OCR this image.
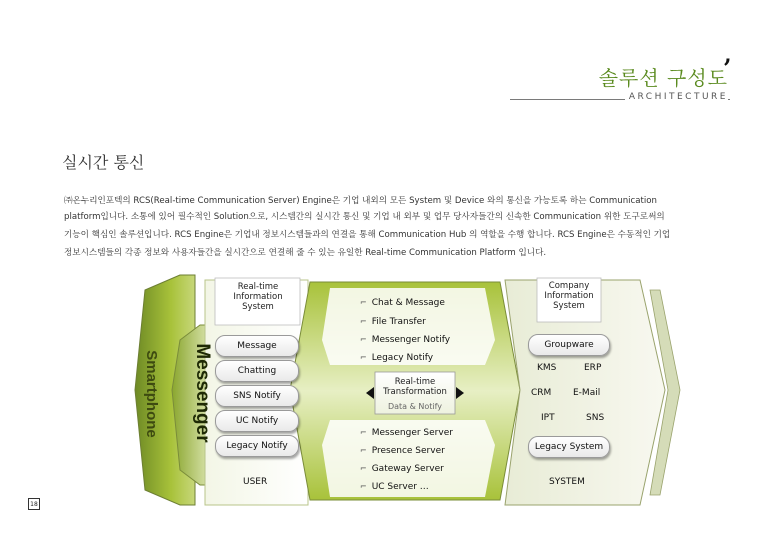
,
솔루션 구성도
ARCHITECTURE
실시간 통신
㈜온누리인포텍의 RCS(Real-time Communication Server) Engine은 기업 내외의 모든 System 및 Device 와의 통신을 가능토록 하는 Communication
platform입니다. 소통에 있어 필수적인 Solution으로, 시스템간의 실시간 통신 및 기업 내 외부 및 업무 당사자들간의 신속한 Communication 위한 도구로써의
기능이 핵심인 솔루션입니다. RCS Engine은 기업내 정보시스템들과의 연결을 통해 Communication Hub 의 역할을 수행 합니다. RCS Engine은 수동적인 기업
정보시스템들의 각종 정보와 사용자들간을 실시간으로 연결해 줄 수 있는 유일한 Real-time Communication Platform 입니다.
Real-time
Information
System
Smartphone Messenger	Message
Chatting
SNS Notify
UC Notify
Legacy Notify
USER
⌐ Chat & Message
⌐ File Transfer
⌐ Messenger Notify
⌐ Legacy Notify
Real-time
Transformation
Data & Notify
⌐ Messenger Server
⌐ Presence Server
⌐ Gateway Server
⌐ UC Server …
Company
Information
System
Groupware
KMS	ERP
CRM E-Mail
IPT	SNS
Legacy System
SYSTEM
18
